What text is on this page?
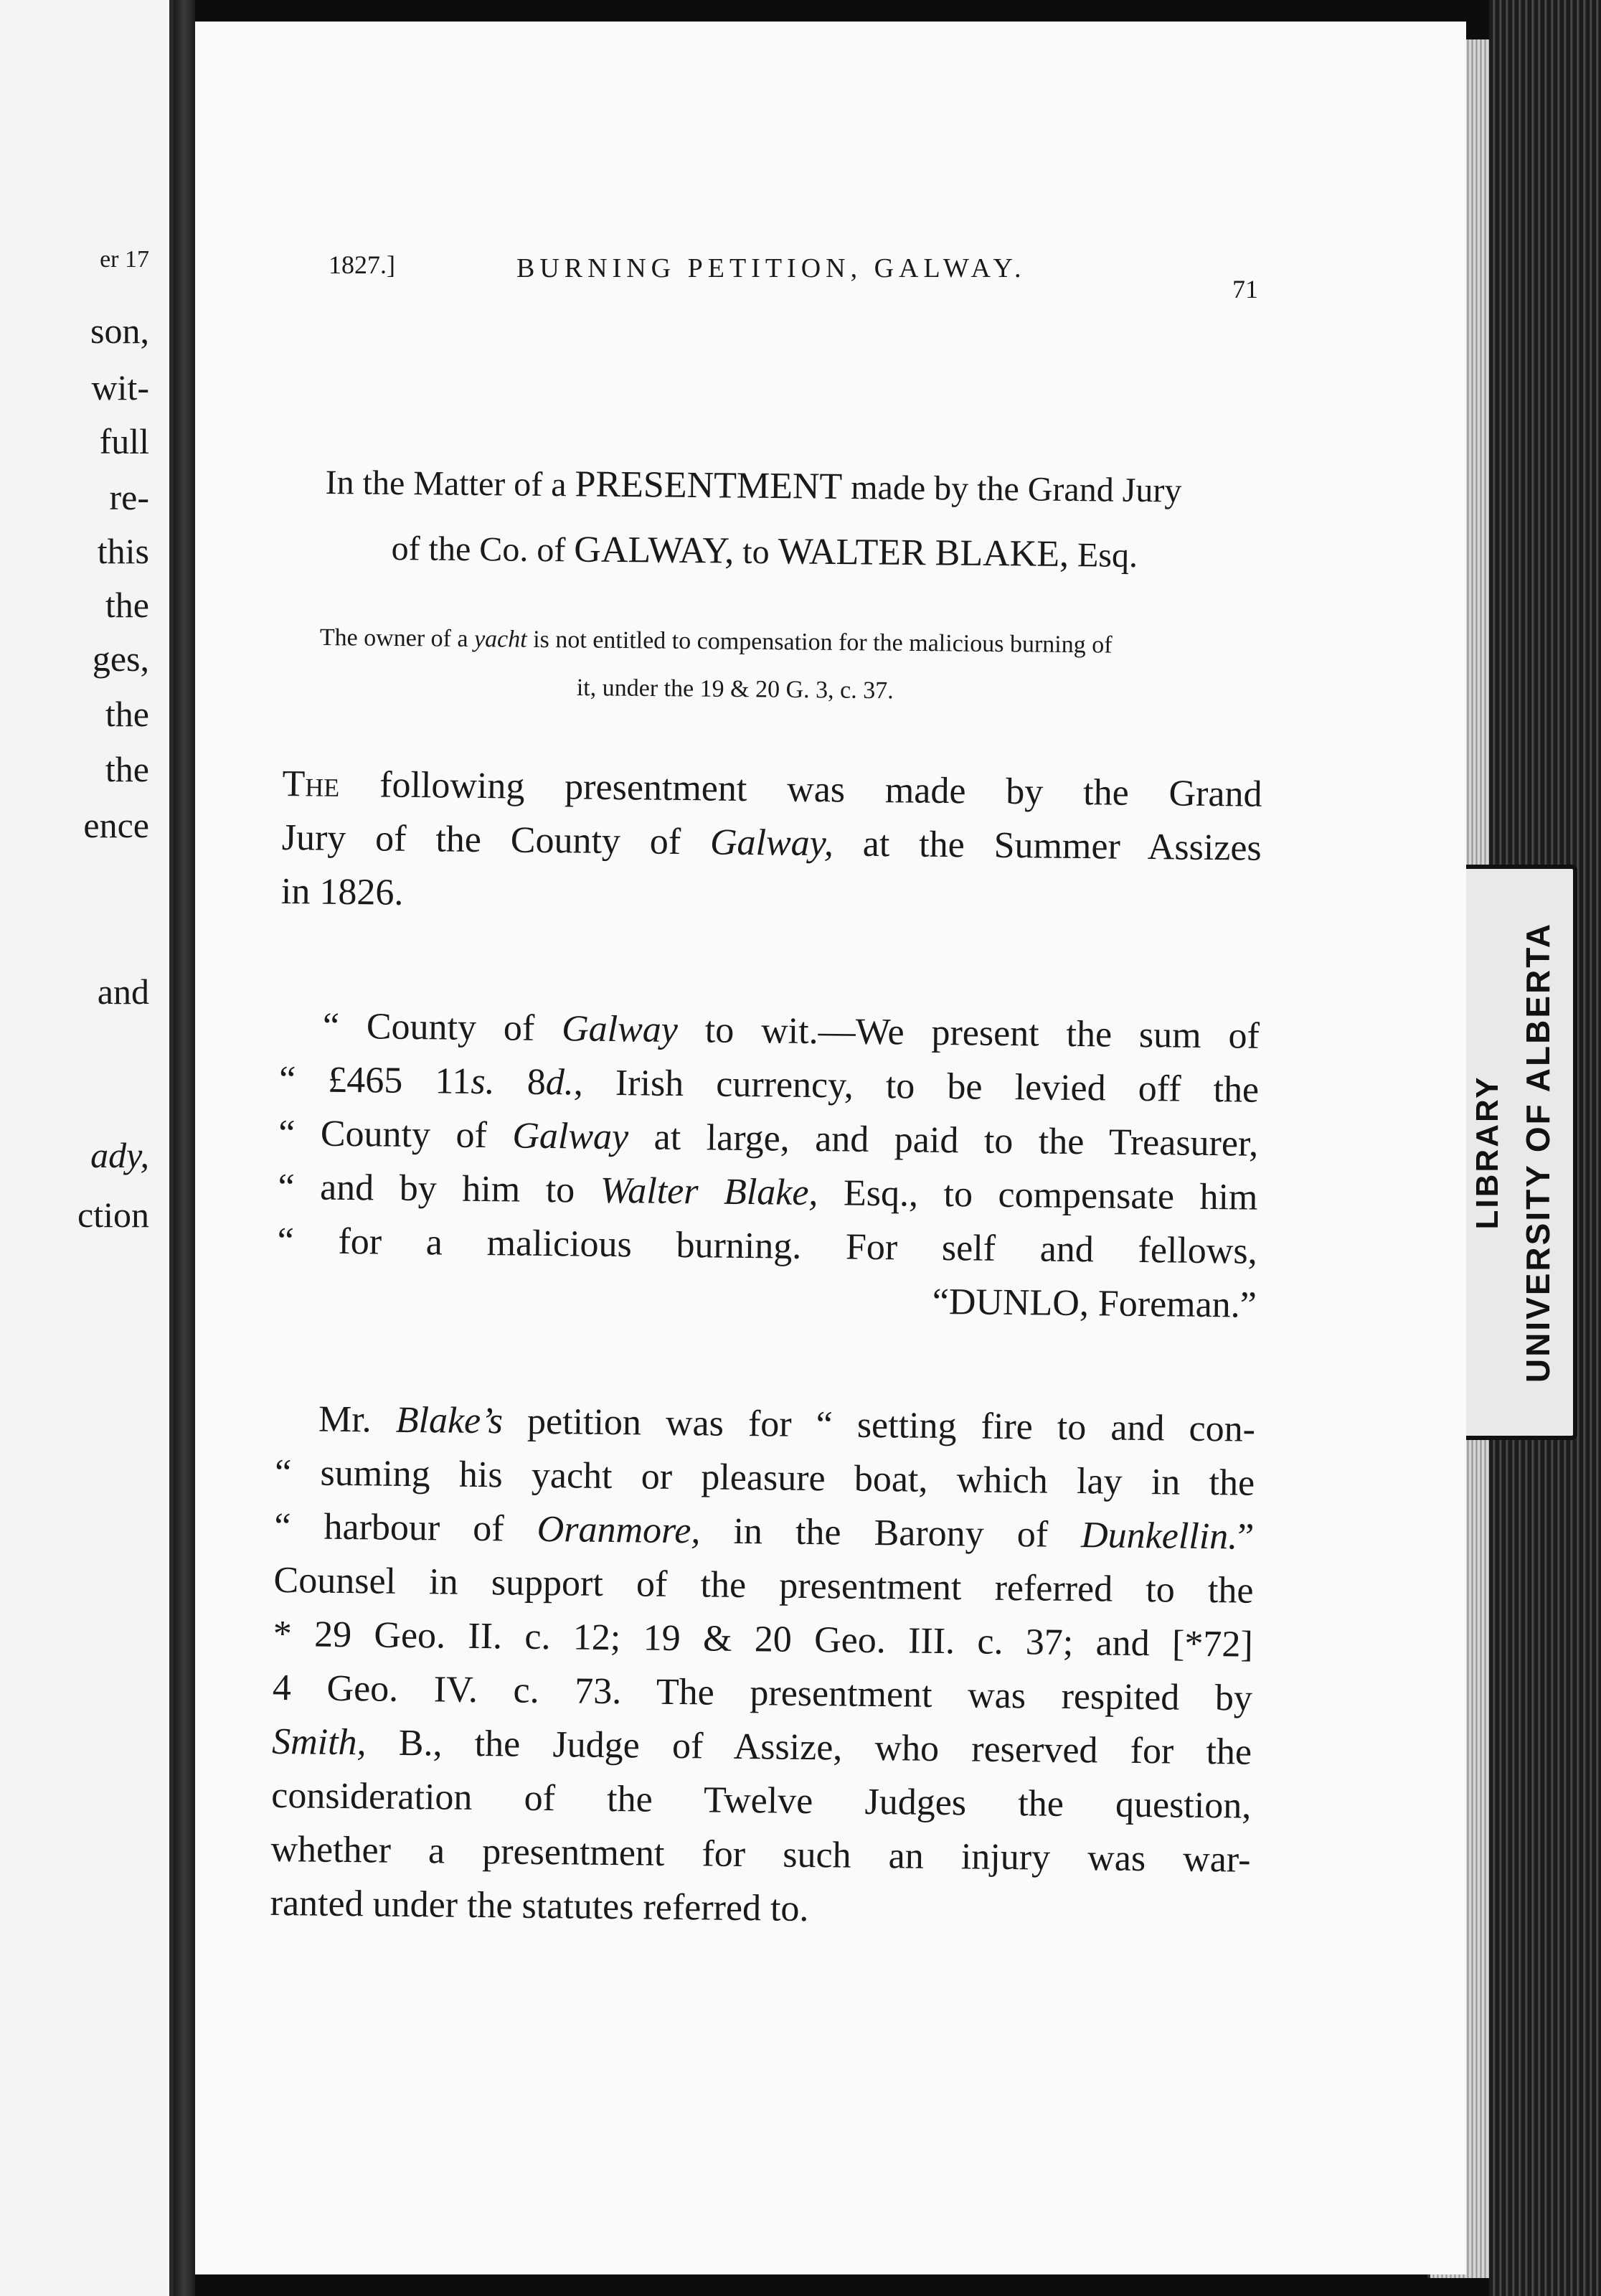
er 17
son,
wit-
full
re-
this
the
ges,
the
the
ence
and
ady,
ction	LIBRARY UNIVERSITY OF ALBERTA
1827.]	BURNING PETITION, GALWAY.
71
In the Matter of a PRESENTMENT made by the Grand Jury
of the Co. of GALWAY, to WALTER BLAKE, Esq.
The owner of a yacht is not entitled to compensation for the malicious burning of
it, under the 19 & 20 G. 3, c. 37.
The following presentment was made by the Grand
Jury of the County of Galway, at the Summer Assizes
in 1826.
“ County of Galway to wit.—We present the sum of
“ £465 11s. 8d., Irish currency, to be levied off the
“ County of Galway at large, and paid to the Treasurer,
“ and by him to Walter Blake, Esq., to compensate him
“ for a malicious burning. For self and fellows,
“DUNLO, Foreman.”
Mr. Blake’s petition was for “ setting fire to and con-
“ suming his yacht or pleasure boat, which lay in the
“ harbour of Oranmore, in the Barony of Dunkellin.”
Counsel in support of the presentment referred to the
* 29 Geo. II. c. 12; 19 & 20 Geo. III. c. 37; and [*72]
4 Geo. IV. c. 73. The presentment was respited by
Smith, B., the Judge of Assize, who reserved for the
consideration of the Twelve Judges the question,
whether a presentment for such an injury was war-
ranted under the statutes referred to.
